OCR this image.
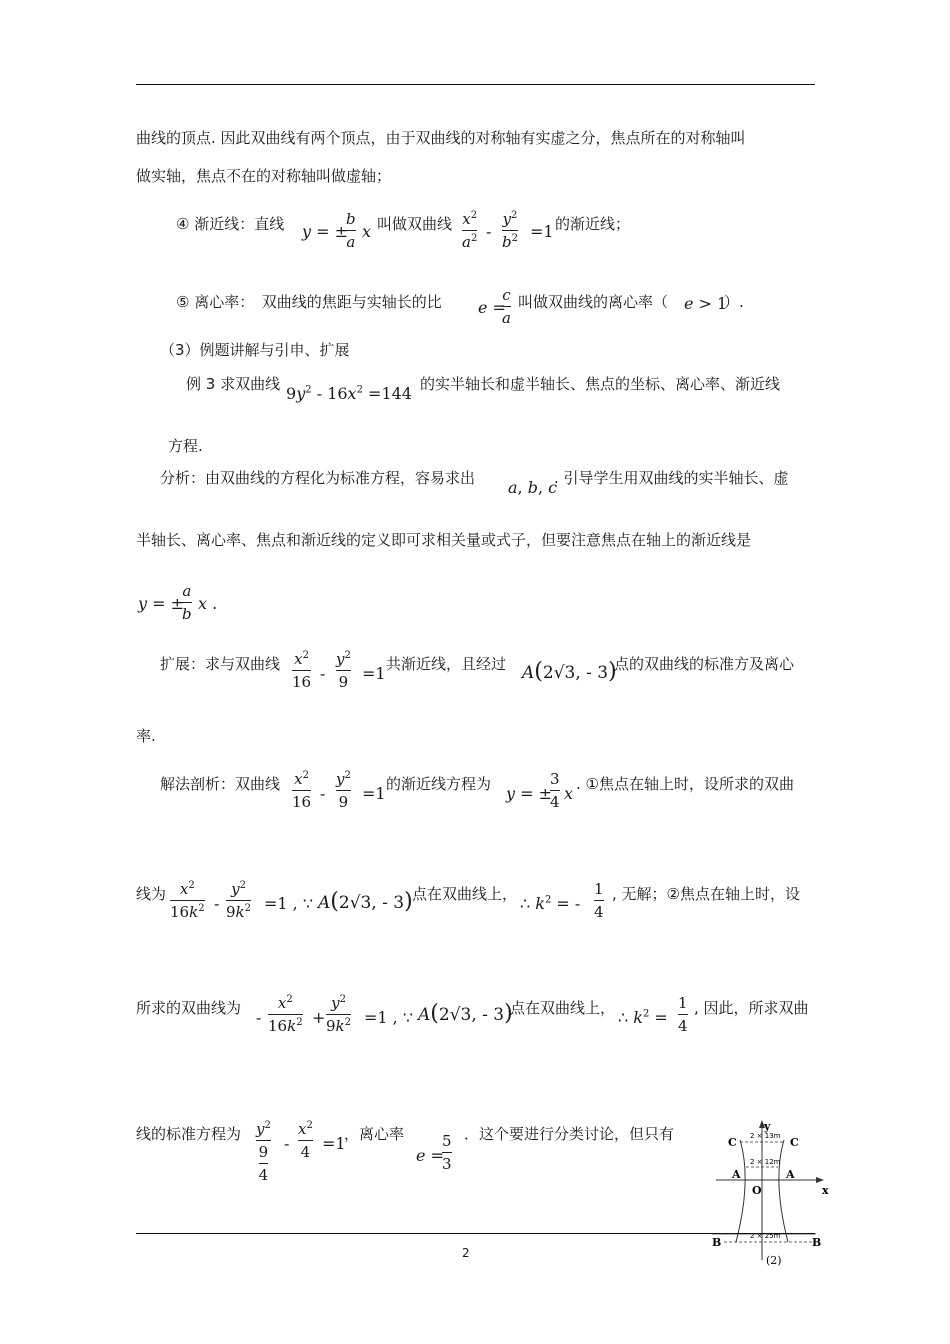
曲线的顶点. 因此双曲线有两个顶点，由于双曲线的对称轴有实虚之分，焦点所在的对称轴叫
做实轴，焦点不在的对称轴叫做虚轴；
④ 渐近线：直线 y = ±
b
a
x 叫做双曲线 $x^2$
$a^2$ -
$y^2$
$b^2 =1$ 的渐近线；
⑤ 离心率：　双曲线的焦距与实轴长的比 e =
c
a
叫做双曲线的离心率（ e > 1
）.
（3）例题讲解与引申、扩展
例 3 求双曲线 $9y^2 - 16x^2 =144$ 的实半轴长和虚半轴长、焦点的坐标、离心率、渐近线
方程.
分析：由双曲线的方程化为标准方程，容易求出 a, b, c
. 引导学生用双曲线的实半轴长、虚
半轴长、离心率、焦点和渐近线的定义即可求相关量或式子，但要注意焦点在轴上的渐近线是
y = ±
a
b
x .
扩展：求与双曲线 $x^2$
16 -
$y^2$
9 =1 共渐近线，且经过 A(2√3, - 3)
点的双曲线的标准方及离心
率.
解法剖析：双曲线 $x^2$
16 -
$y^2$
9 =1 的渐近线方程为 y = ±
3
4 x . ①焦点在轴上时，设所求的双曲
线为 $x^2$
$16k^2$ -
$y^2$
$9k^2 =1$ , ∵ A(2√3, - 3) 点在双曲线上， ∴ $k^2$ = -
1
4
, 无解；②焦点在轴上时，设
所求的双曲线为 -
$x^2$
$16k^2$ +
$y^2$
$9k^2 =1$ , ∵ A(2√3, - 3)
点在双曲线上， ∴ $k^2$ =
1
4
, 因此，所求双曲
线的标准方程为 $y^2$
9
4
-
$x^2$
4 =1
，离心率
e =
5
3
．这个要进行分类讨论，但只有	y
x
O
A	A
C	C
B	B
2 × 13m
2 × 12m
2 × 25m
(2)
2
